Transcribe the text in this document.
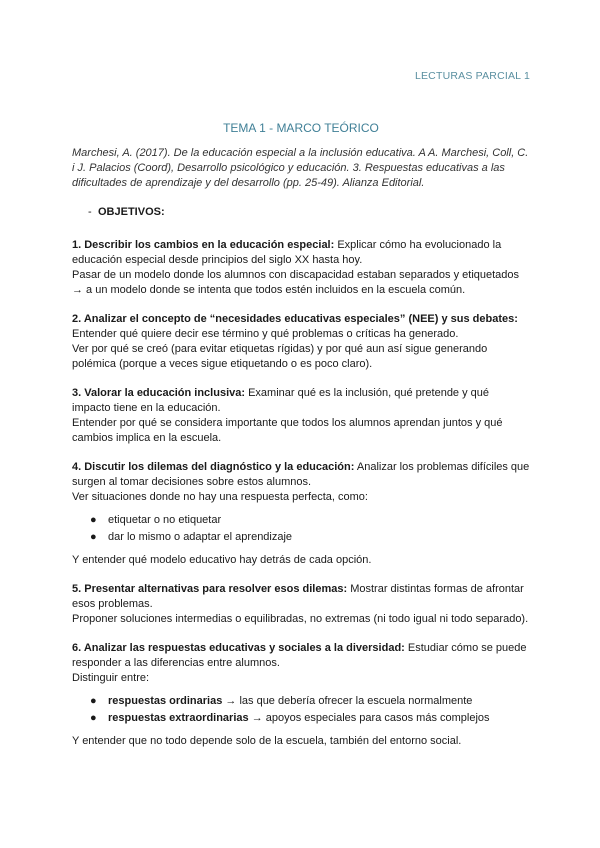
LECTURAS PARCIAL 1
TEMA 1 - MARCO TEÓRICO

Marchesi, A. (2017). De la educación especial a la inclusión educativa. A A. Marchesi, Coll, C. i J. Palacios (Coord), Desarrollo psicológico y educación. 3. Respuestas educativas a las dificultades de aprendizaje y del desarrollo (pp. 25-49). Alianza Editorial.

- OBJETIVOS:

1. Describir los cambios en la educación especial: Explicar cómo ha evolucionado la educación especial desde principios del siglo XX hasta hoy.

Pasar de un modelo donde los alumnos con discapacidad estaban separados y etiquetados → a un modelo donde se intenta que todos estén incluidos en la escuela común.

2. Analizar el concepto de “necesidades educativas especiales” (NEE) y sus debates:

Entender qué quiere decir ese término y qué problemas o críticas ha generado.

Ver por qué se creó (para evitar etiquetas rígidas) y por qué aun así sigue generando polémica (porque a veces sigue etiquetando o es poco claro).

3. Valorar la educación inclusiva: Examinar qué es la inclusión, qué pretende y qué impacto tiene en la educación.

Entender por qué se considera importante que todos los alumnos aprendan juntos y qué cambios implica en la escuela.

4. Discutir los dilemas del diagnóstico y la educación: Analizar los problemas difíciles que surgen al tomar decisiones sobre estos alumnos.

Ver situaciones donde no hay una respuesta perfecta, como:

● etiquetar o no etiquetar
● dar lo mismo o adaptar el aprendizaje

Y entender qué modelo educativo hay detrás de cada opción.

5. Presentar alternativas para resolver esos dilemas: Mostrar distintas formas de afrontar esos problemas.

Proponer soluciones intermedias o equilibradas, no extremas (ni todo igual ni todo separado).

6. Analizar las respuestas educativas y sociales a la diversidad: Estudiar cómo se puede responder a las diferencias entre alumnos.

Distinguir entre:

● respuestas ordinarias → las que debería ofrecer la escuela normalmente
● respuestas extraordinarias → apoyos especiales para casos más complejos

Y entender que no todo depende solo de la escuela, también del entorno social.
